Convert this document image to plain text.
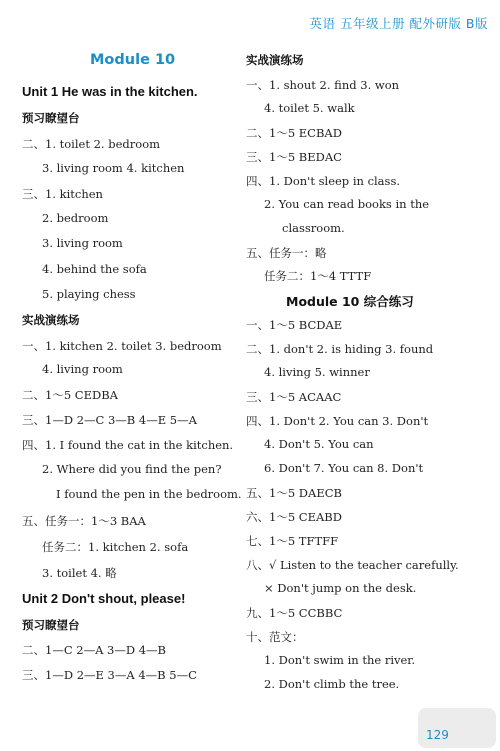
英语 五年级上册 配外研版 B版
Module 10
Unit 1 He was in the kitchen.
预习瞭望台
二、1. toilet 2. bedroom
3. living room 4. kitchen
三、1. kitchen
2. bedroom
3. living room
4. behind the sofa
5. playing chess
实战演练场
一、1. kitchen 2. toilet 3. bedroom
4. living room
二、1～5 CEDBA
三、1—D 2—C 3—B 4—E 5—A
四、1. I found the cat in the kitchen.
2. Where did you find the pen?
I found the pen in the bedroom.
五、任务一：1～3 BAA
任务二：1. kitchen 2. sofa
3. toilet 4. 略
Unit 2 Don't shout, please!
预习瞭望台
二、1—C 2—A 3—D 4—B
三、1—D 2—E 3—A 4—B 5—C
实战演练场
一、1. shout 2. find 3. won
4. toilet 5. walk
二、1～5 ECBAD
三、1～5 BEDAC
四、1. Don't sleep in class.
2. You can read books in the
classroom.
五、任务一：略
任务二：1～4 TTTF
Module 10 综合练习
一、1～5 BCDAE
二、1. don't 2. is hiding 3. found
4. living 5. winner
三、1～5 ACAAC
四、1. Don't 2. You can 3. Don't
4. Don't 5. You can
6. Don't 7. You can 8. Don't
五、1～5 DAECB
六、1～5 CEABD
七、1～5 TFTFF
八、√ Listen to the teacher carefully.
× Don't jump on the desk.
九、1～5 CCBBC
十、范文：
1. Don't swim in the river.
2. Don't climb the tree.
129
